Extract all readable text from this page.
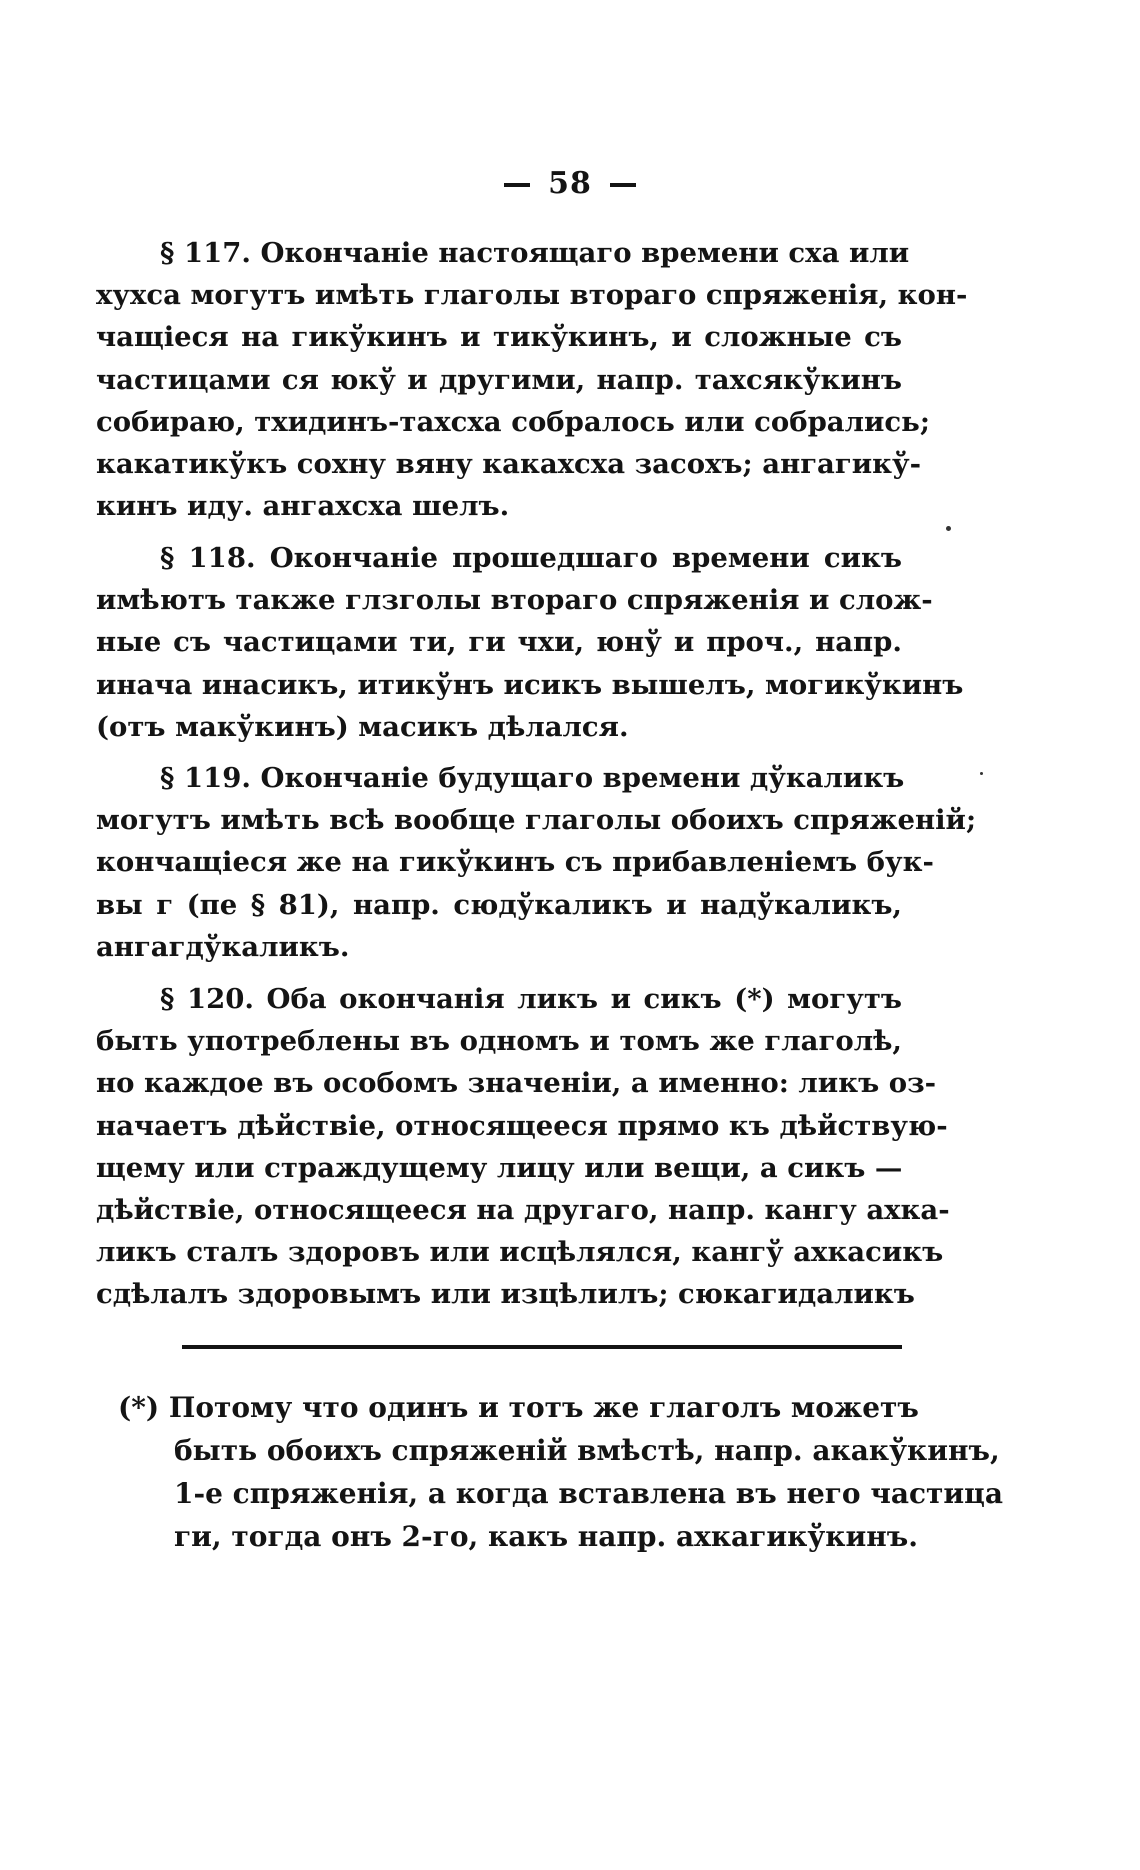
58
§ 117. Окончаніе настоящаго времени сха или
хухса могутъ имѣть глаголы втораго спряженія, кон-
чащіеся на гикўкинъ и тикўкинъ, и сложные съ
частицами ся юкў и другими, напр. тахсякўкинъ
собираю, тхидинъ-тахсха собралось или собрались;
какатикўкъ сохну вяну какахсха засохъ; ангагикў-
кинъ иду. ангахсха шелъ.
§ 118. Окончаніе прошедшаго времени сикъ
имѣютъ также глзголы втораго спряженія и слож-
ные съ частицами ти, ги чхи, юнў и проч., напр.
инача инасикъ, итикўнъ исикъ вышелъ, могикўкинъ
(отъ макўкинъ) масикъ дѣлался.
§ 119. Окончаніе будущаго времени дўкаликъ
могутъ имѣть всѣ вообще глаголы обоихъ спряженій;
кончащіеся же на гикўкинъ съ прибавленіемъ бук-
вы г (пе § 81), напр. сюдўкаликъ и надўкаликъ,
ангагдўкаликъ.
§ 120. Оба окончанія ликъ и сикъ (*) могутъ
быть употреблены въ одномъ и томъ же глаголѣ,
но каждое въ особомъ значеніи, а именно: ликъ оз-
начаетъ дѣйствіе, относящееся прямо къ дѣйствую-
щему или страждущему лицу или вещи, а сикъ —
дѣйствіе, относящееся на другаго, напр. кангу ахка-
ликъ сталъ здоровъ или исцѣлялся, кангў ахкасикъ
сдѣлалъ здоровымъ или изцѣлилъ; сюкагидаликъ
(*) Потому что одинъ и тотъ же глаголъ можетъ
быть обоихъ спряженій вмѣстѣ, напр. акакўкинъ,
1-е спряженія, а когда вставлена въ него частица
ги, тогда онъ 2-го, какъ напр. ахкагикўкинъ.
